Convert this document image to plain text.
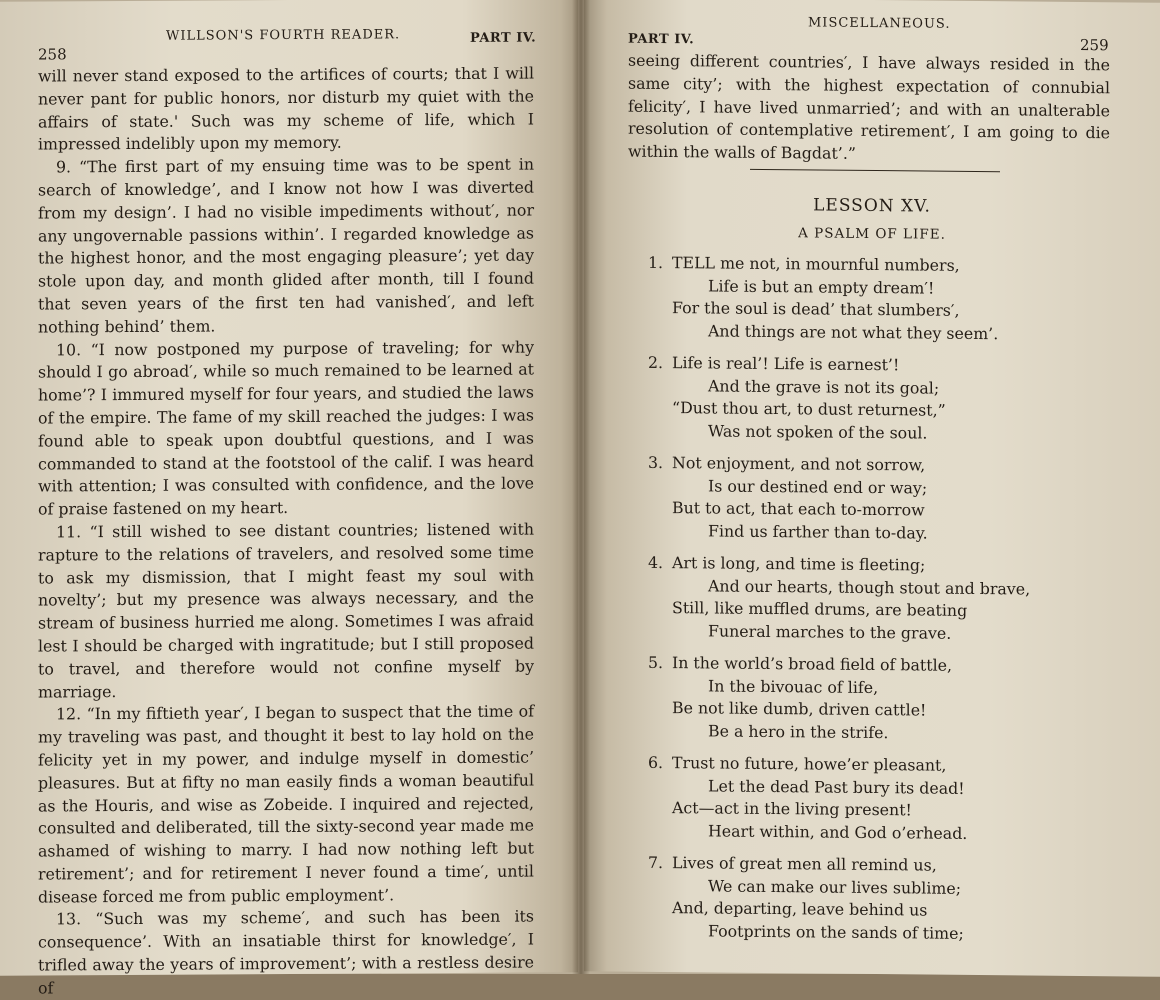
258
WILLSON'S FOURTH READER.	PART IV.

will never stand exposed to the artifices of courts; that I will never pant for public honors, nor disturb my quiet with the affairs of state.' Such was my scheme of life, which I impressed indelibly upon my memory.

9. “The first part of my ensuing time was to be spent in search of knowledge’, and I know not how I was diverted from my design’. I had no visible impediments without′, nor any ungovernable passions within’. I regarded knowledge as the highest honor, and the most engaging pleasure’; yet day stole upon day, and month glided after month, till I found that seven years of the first ten had vanished′, and left nothing behind’ them.

10. “I now postponed my purpose of traveling; for why should I go abroad′, while so much remained to be learned at home’? I immured myself for four years, and studied the laws of the empire. The fame of my skill reached the judges: I was found able to speak upon doubtful questions, and I was commanded to stand at the footstool of the calif. I was heard with attention; I was consulted with confidence, and the love of praise fastened on my heart.

11. “I still wished to see distant countries; listened with rapture to the relations of travelers, and resolved some time to ask my dismission, that I might feast my soul with novelty’; but my presence was always necessary, and the stream of business hurried me along. Sometimes I was afraid lest I should be charged with ingratitude; but I still proposed to travel, and therefore would not confine myself by marriage.

12. “In my fiftieth year′, I began to suspect that the time of my traveling was past, and thought it best to lay hold on the felicity yet in my power, and indulge myself in domestic’ pleasures. But at fifty no man easily finds a woman beautiful as the Houris, and wise as Zobeide. I inquired and rejected, consulted and deliberated, till the sixty-second year made me ashamed of wishing to marry. I had now nothing left but retirement’; and for retirement I never found a time′, until disease forced me from public employment’.

13. “Such was my scheme′, and such has been its consequence’. With an insatiable thirst for knowledge′, I trifled away the years of improvement’; with a restless desire of

PART IV.
MISCELLANEOUS.
259
seeing different countries′, I have always resided in the same city’; with the highest expectation of connubial felicity′, I have lived unmarried’; and with an unalterable resolution of contemplative retirement′, I am going to die within the walls of Bagdat’.”
LESSON XV.
A PSALM OF LIFE.
1. TELL me not, in mournful numbers,
Life is but an empty dream′!
For the soul is dead’ that slumbers′,
And things are not what they seem’.
2. Life is real’! Life is earnest’!
And the grave is not its goal;
“Dust thou art, to dust returnest,”
Was not spoken of the soul.
3. Not enjoyment, and not sorrow,
Is our destined end or way;
But to act, that each to-morrow
Find us farther than to-day.
4. Art is long, and time is fleeting;
And our hearts, though stout and brave,
Still, like muffled drums, are beating
Funeral marches to the grave.
5. In the world’s broad field of battle,
In the bivouac of life,
Be not like dumb, driven cattle!
Be a hero in the strife.
6. Trust no future, howe’er pleasant,
Let the dead Past bury its dead!
Act—act in the living present!
Heart within, and God o’erhead.
7. Lives of great men all remind us,
We can make our lives sublime;
And, departing, leave behind us
Footprints on the sands of time;
